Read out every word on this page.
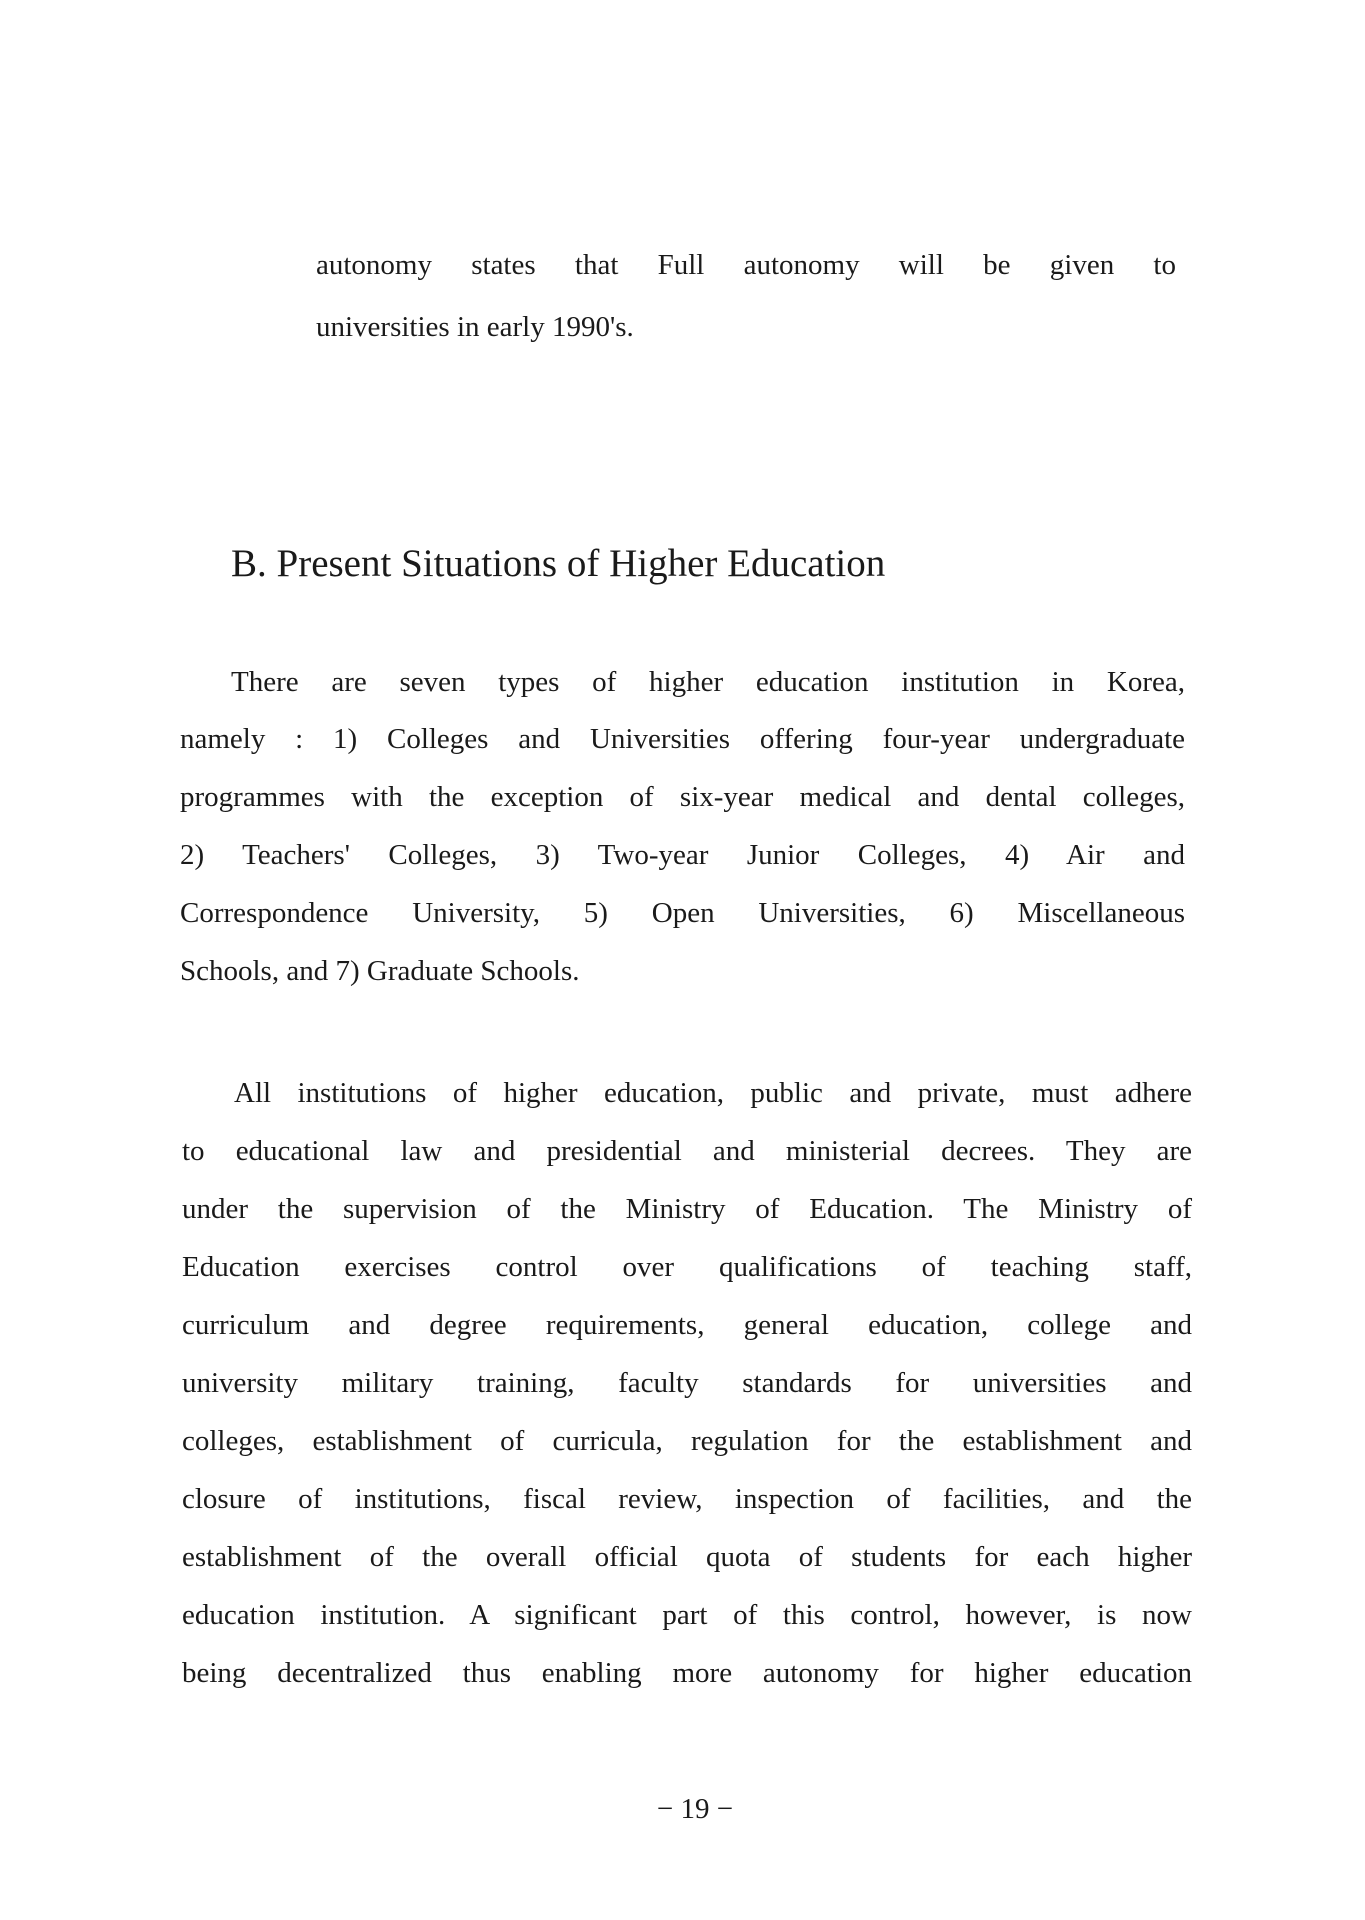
autonomy states that Full autonomy will be given to
universities in early 1990's.
B. Present Situations of Higher Education
There are seven types of higher education institution in Korea,
namely : 1) Colleges and Universities offering four-year undergraduate
programmes with the exception of six-year medical and dental colleges,
2) Teachers' Colleges, 3) Two-year Junior Colleges, 4) Air and
Correspondence University, 5) Open Universities, 6) Miscellaneous
Schools, and 7) Graduate Schools.
All institutions of higher education, public and private, must adhere
to educational law and presidential and ministerial decrees. They are
under the supervision of the Ministry of Education. The Ministry of
Education exercises control over qualifications of teaching staff,
curriculum and degree requirements, general education, college and
university military training, faculty standards for universities and
colleges, establishment of curricula, regulation for the establishment and
closure of institutions, fiscal review, inspection of facilities, and the
establishment of the overall official quota of students for each higher
education institution. A significant part of this control, however, is now
being decentralized thus enabling more autonomy for higher education
− 19 −
